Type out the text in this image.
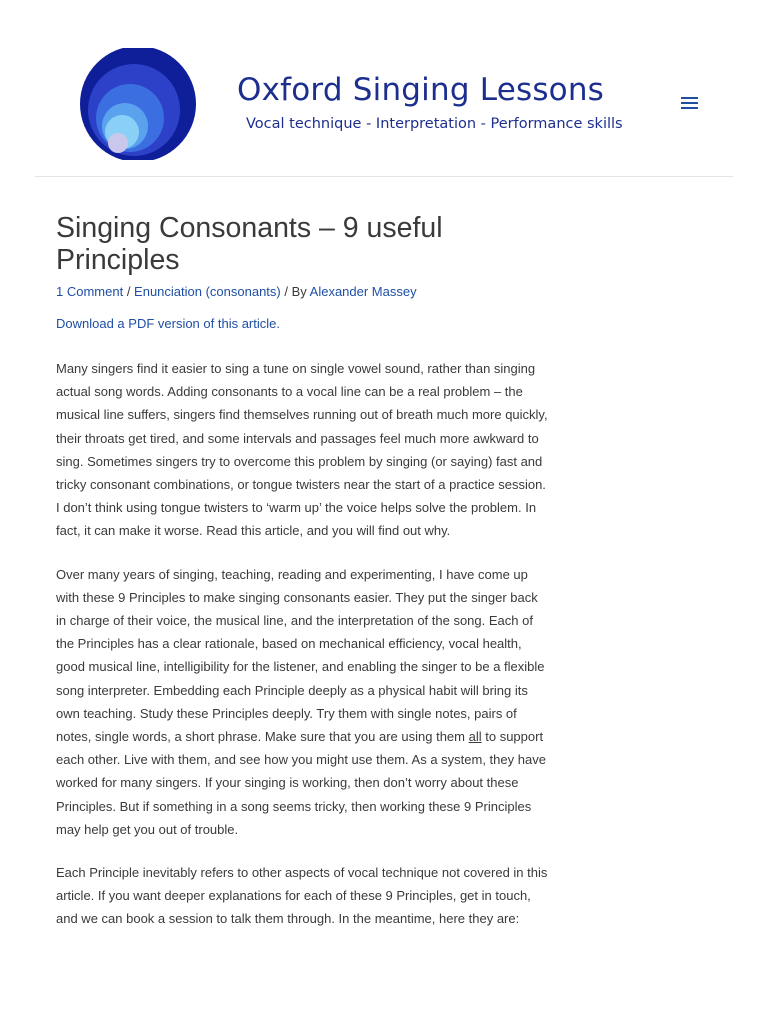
Oxford Singing Lessons
Vocal technique - Interpretation - Performance skills
Singing Consonants – 9 useful Principles
1 Comment / Enunciation (consonants) / By Alexander Massey
Download a PDF version of this article.

Many singers find it easier to sing a tune on single vowel sound, rather than singing actual song words. Adding consonants to a vocal line can be a real problem – the musical line suffers, singers find themselves running out of breath much more quickly, their throats get tired, and some intervals and passages feel much more awkward to sing. Sometimes singers try to overcome this problem by singing (or saying) fast and tricky consonant combinations, or tongue twisters near the start of a practice session. I don’t think using tongue twisters to ‘warm up’ the voice helps solve the problem. In fact, it can make it worse. Read this article, and you will find out why.

Over many years of singing, teaching, reading and experimenting, I have come up with these 9 Principles to make singing consonants easier. They put the singer back in charge of their voice, the musical line, and the interpretation of the song. Each of the Principles has a clear rationale, based on mechanical efficiency, vocal health, good musical line, intelligibility for the listener, and enabling the singer to be a flexible song interpreter. Embedding each Principle deeply as a physical habit will bring its own teaching. Study these Principles deeply. Try them with single notes, pairs of notes, single words, a short phrase. Make sure that you are using them all to support each other. Live with them, and see how you might use them. As a system, they have worked for many singers. If your singing is working, then don’t worry about these Principles. But if something in a song seems tricky, then working these 9 Principles may help get you out of trouble.

Each Principle inevitably refers to other aspects of vocal technique not covered in this article. If you want deeper explanations for each of these 9 Principles, get in touch, and we can book a session to talk them through. In the meantime, here they are:
